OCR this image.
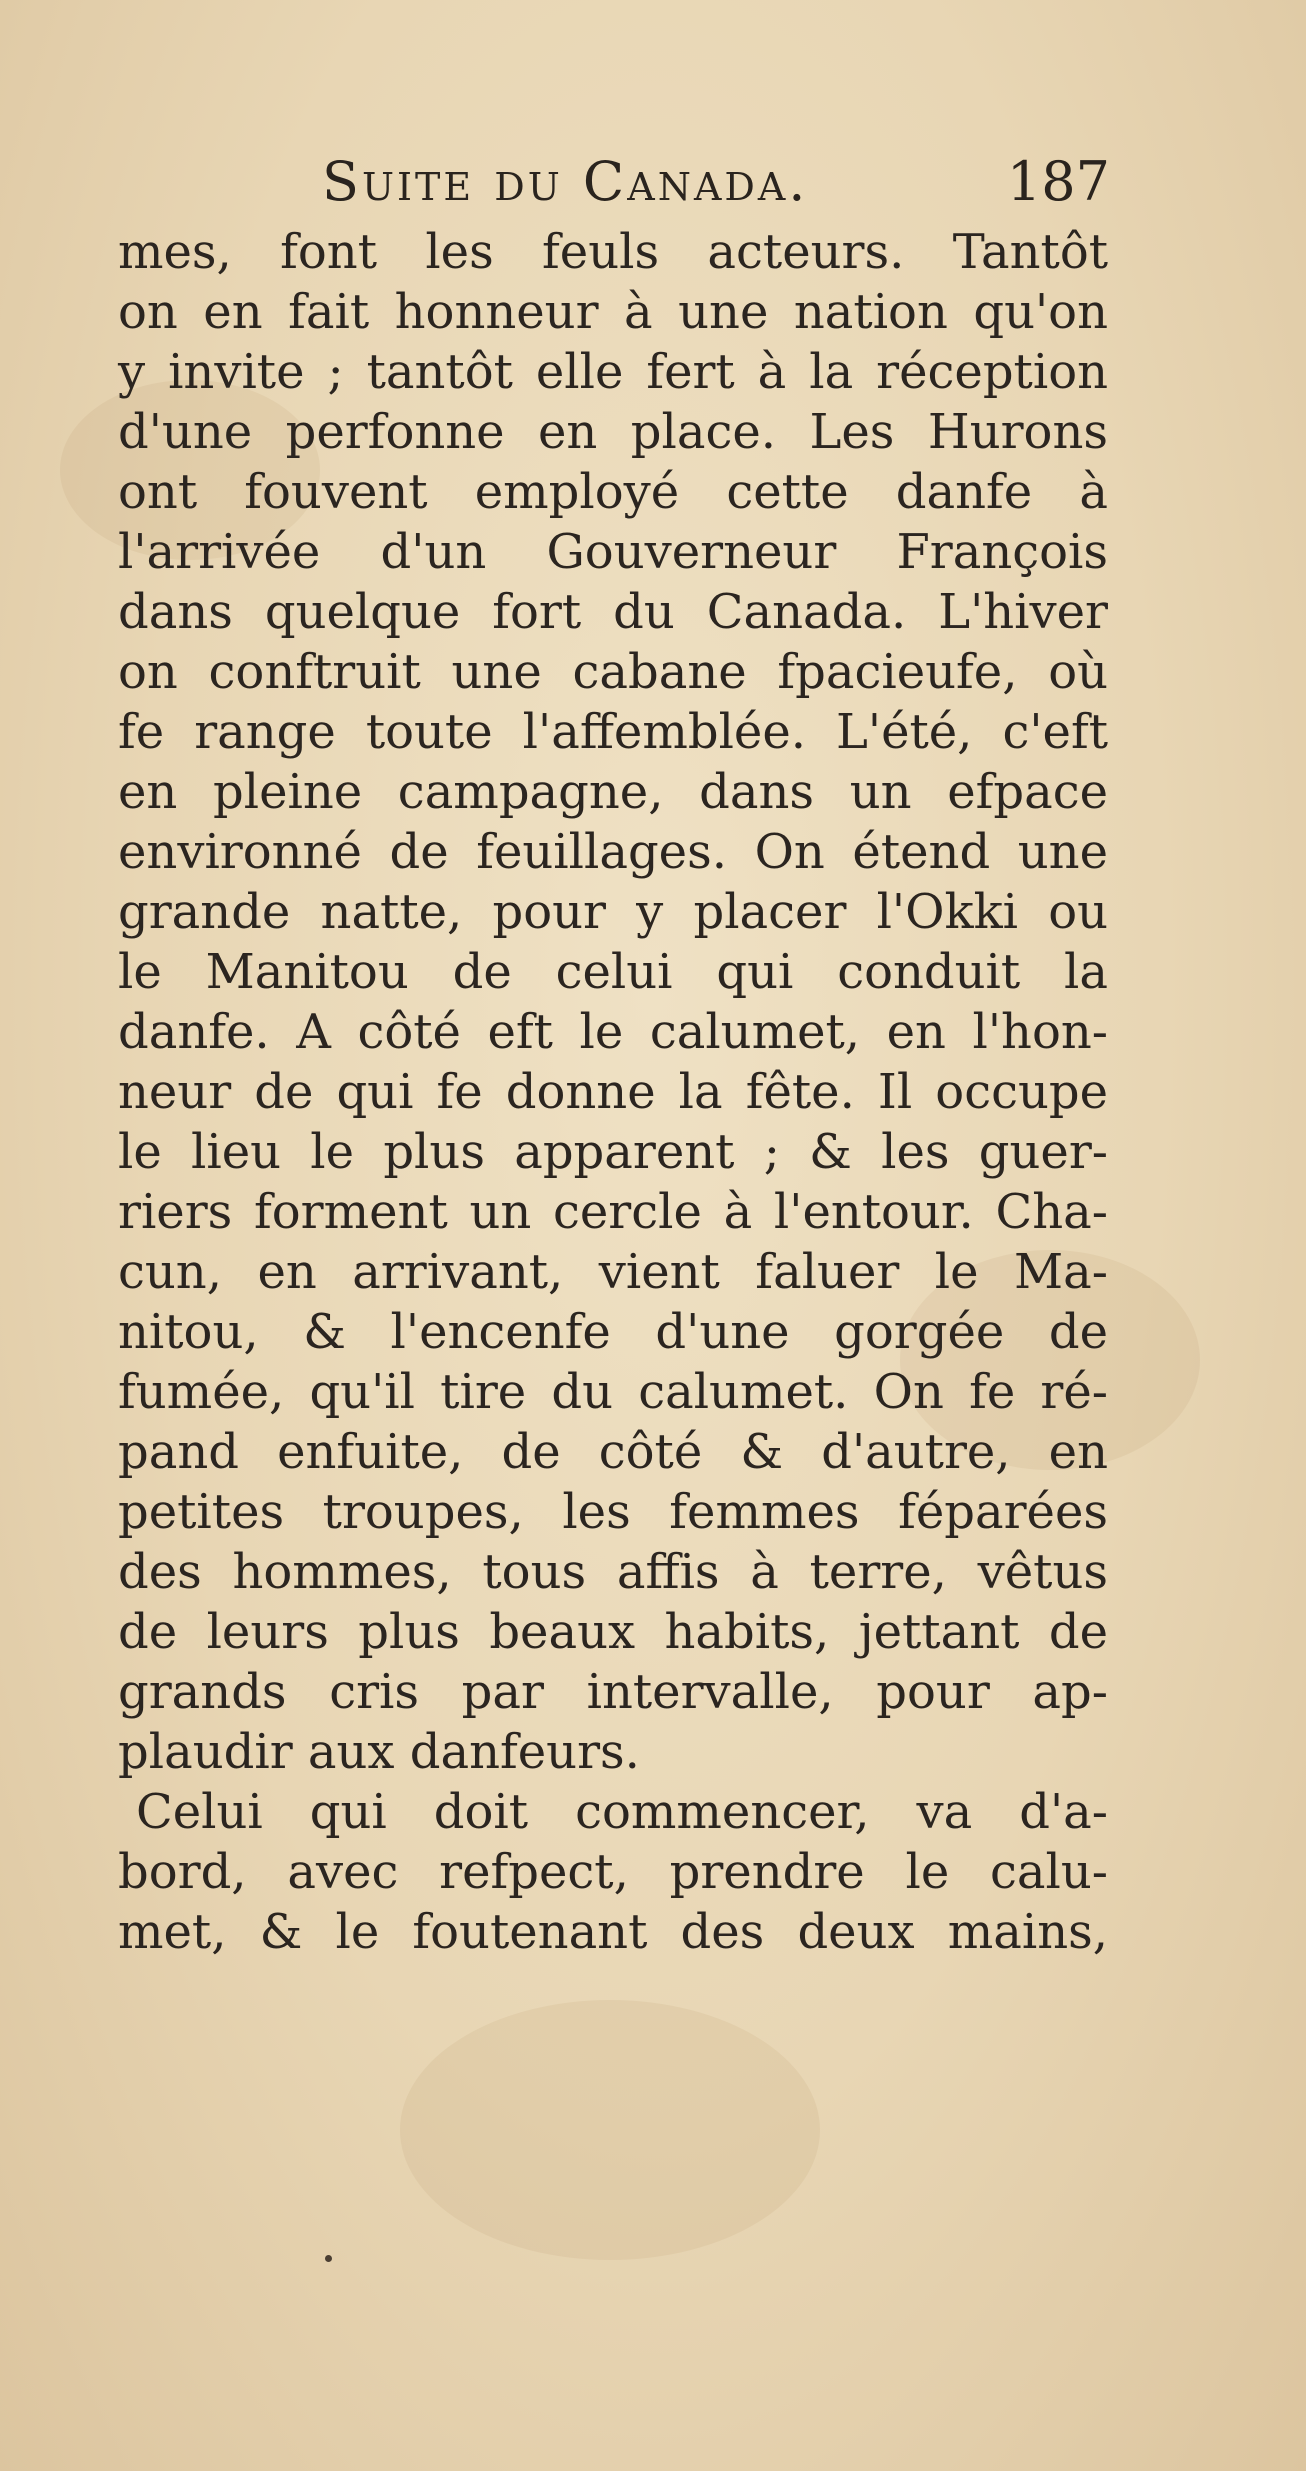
Suite du Canada.	187
mes, font les feuls acteurs. Tantôt
on en fait honneur à une nation qu'on
y invite ; tantôt elle fert à la réception
d'une perfonne en place. Les Hurons
ont fouvent employé cette danfe à
l'arrivée d'un Gouverneur François
dans quelque fort du Canada. L'hiver
on conftruit une cabane fpacieufe, où
fe range toute l'affemblée. L'été, c'eft
en pleine campagne, dans un efpace
environné de feuillages. On étend une
grande natte, pour y placer l'Okki ou
le Manitou de celui qui conduit la
danfe. A côté eft le calumet, en l'hon-
neur de qui fe donne la fête. Il occupe
le lieu le plus apparent ; & les guer-
riers forment un cercle à l'entour. Cha-
cun, en arrivant, vient faluer le Ma-
nitou, & l'encenfe d'une gorgée de
fumée, qu'il tire du calumet. On fe ré-
pand enfuite, de côté & d'autre, en
petites troupes, les femmes féparées
des hommes, tous affis à terre, vêtus
de leurs plus beaux habits, jettant de
grands cris par intervalle, pour ap-
plaudir aux danfeurs.
Celui qui doit commencer, va d'a-
bord, avec refpect, prendre le calu-
met, & le foutenant des deux mains,
